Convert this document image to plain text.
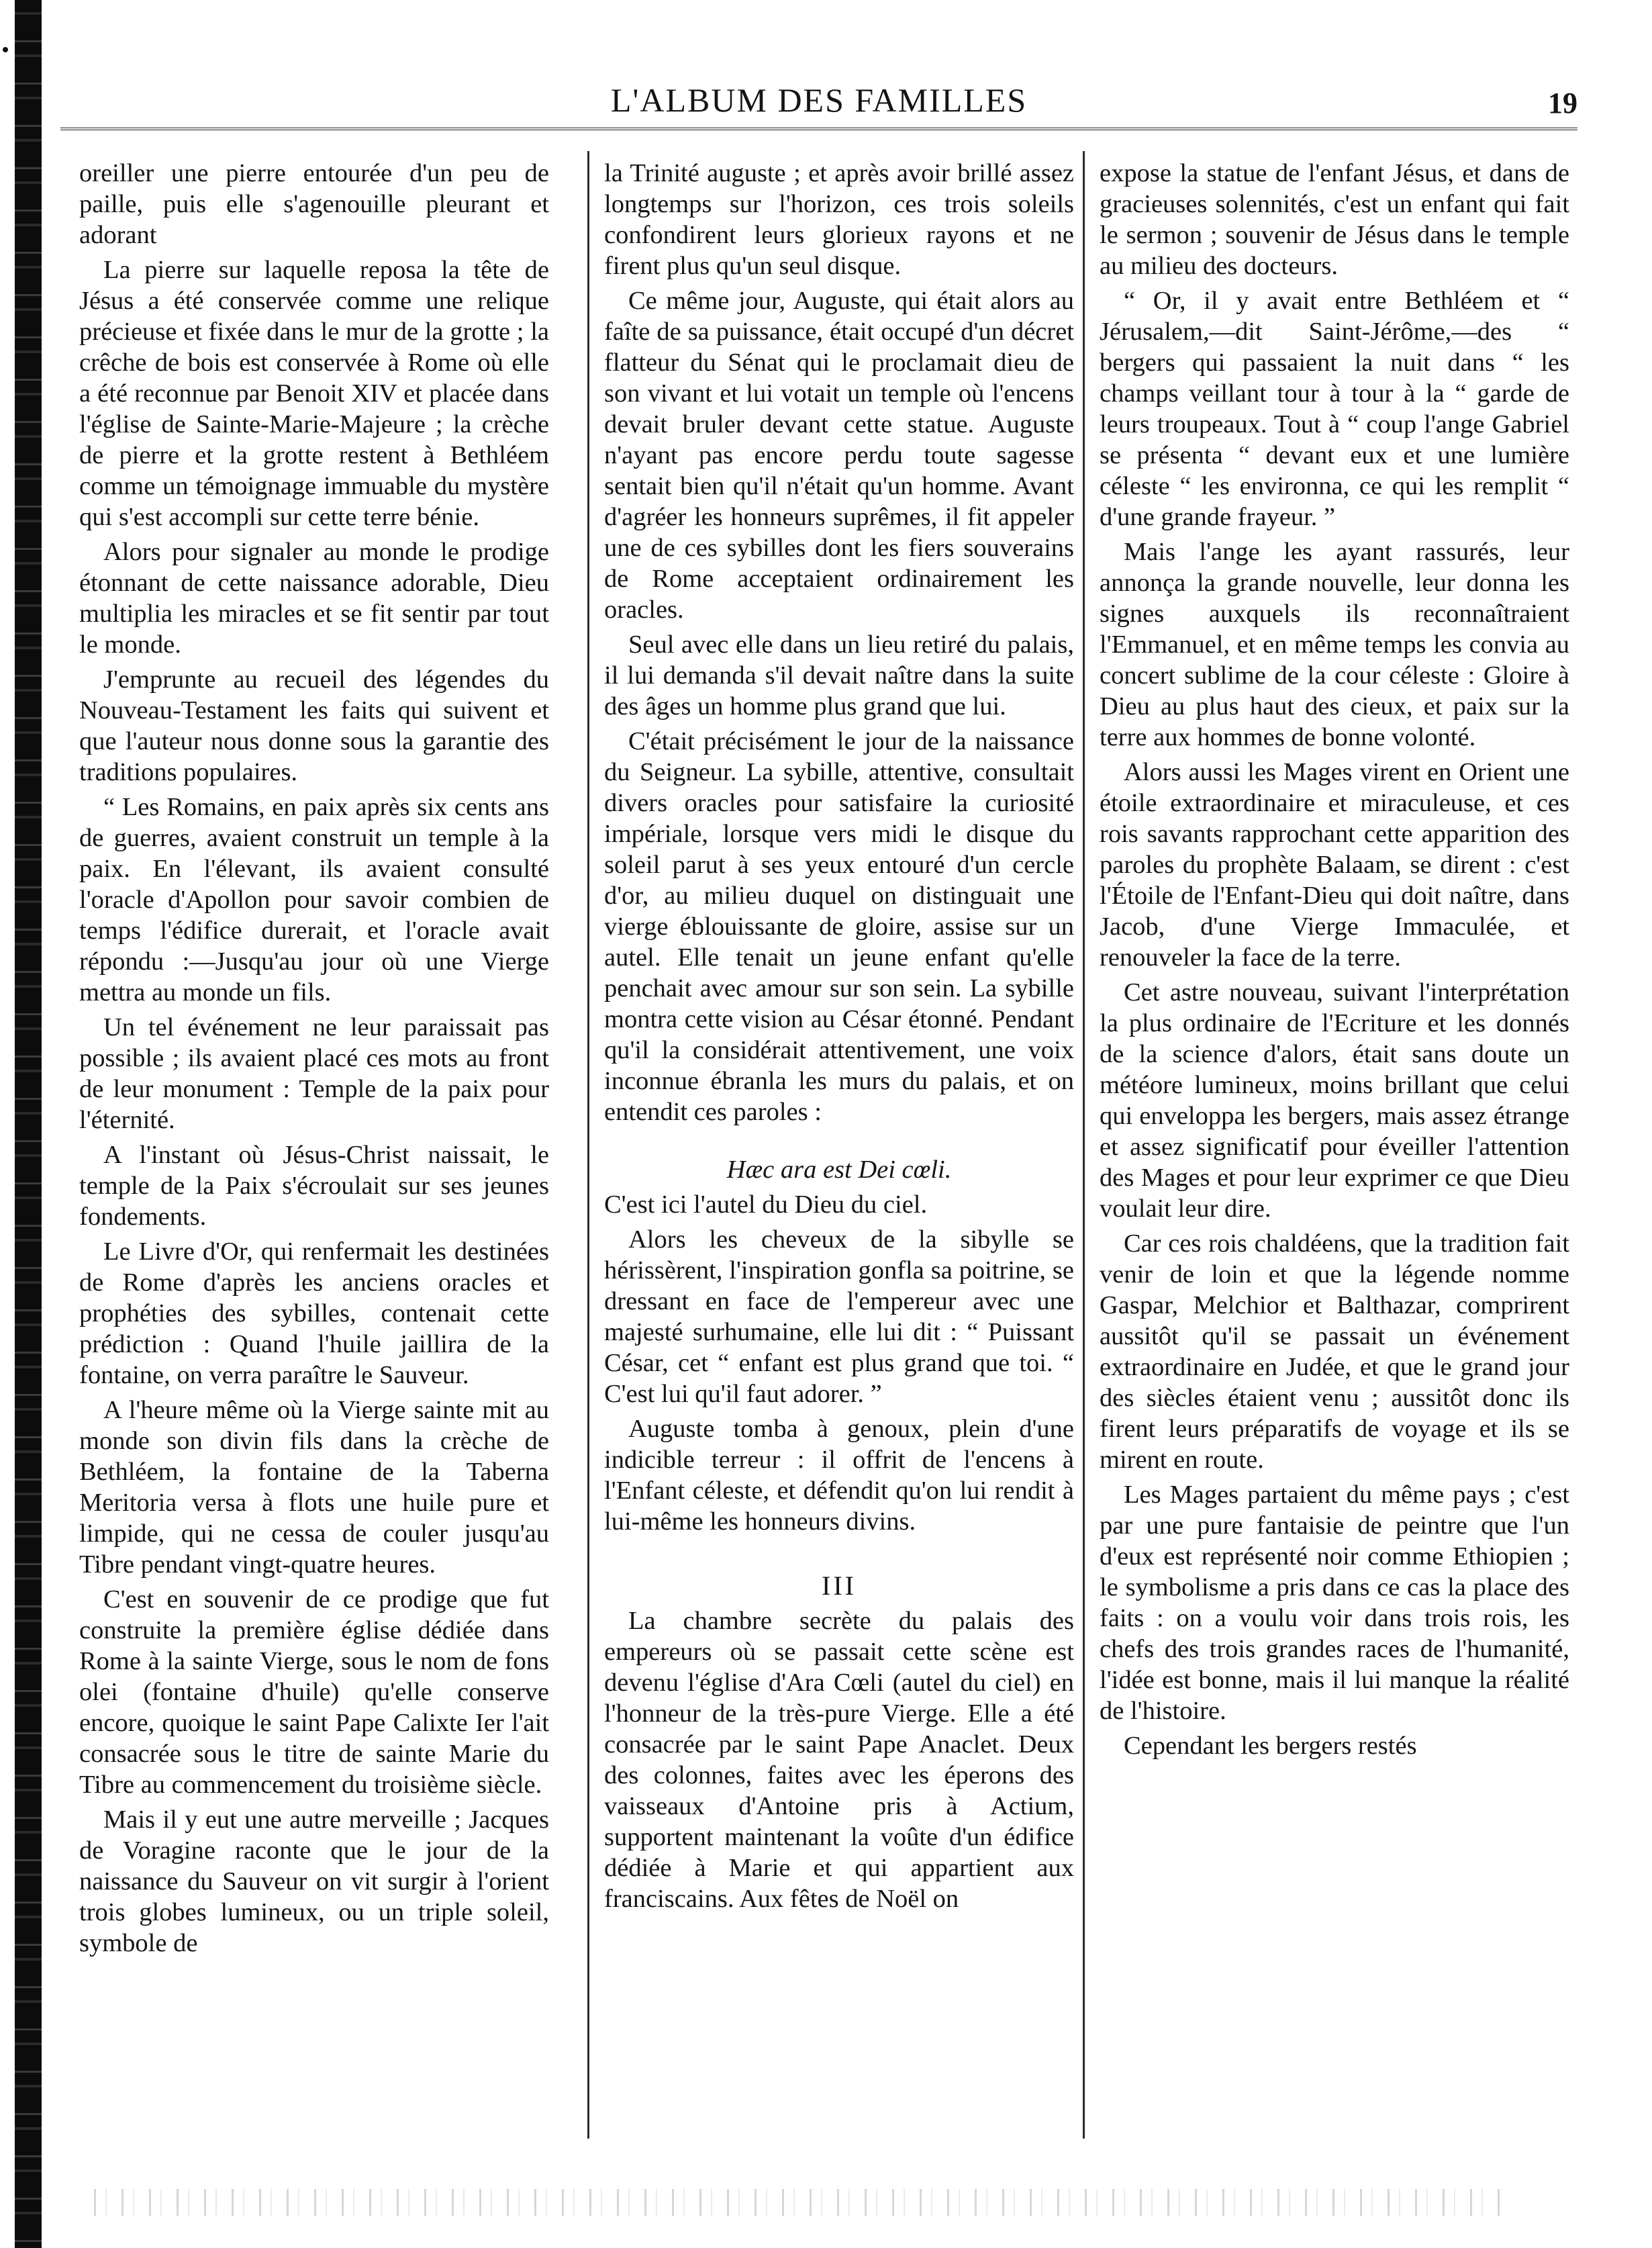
L'ALBUM DES FAMILLES	19

oreiller une pierre entourée d'un peu de paille, puis elle s'agenouille pleurant et adorant

La pierre sur laquelle reposa la tête de Jésus a été conservée comme une relique précieuse et fixée dans le mur de la grotte ; la crêche de bois est conservée à Rome où elle a été reconnue par Benoit XIV et placée dans l'église de Sainte-Marie-Majeure ; la crèche de pierre et la grotte restent à Bethléem comme un témoignage immuable du mystère qui s'est accompli sur cette terre bénie.

Alors pour signaler au monde le prodige étonnant de cette naissance adorable, Dieu multiplia les miracles et se fit sentir par tout le monde.

J'emprunte au recueil des légendes du Nouveau-Testament les faits qui suivent et que l'auteur nous donne sous la garantie des traditions populaires.

“ Les Romains, en paix après six cents ans de guerres, avaient construit un temple à la paix. En l'élevant, ils avaient consulté l'oracle d'Apollon pour savoir combien de temps l'édifice durerait, et l'oracle avait répondu :—Jusqu'au jour où une Vierge mettra au monde un fils.

Un tel événement ne leur paraissait pas possible ; ils avaient placé ces mots au front de leur monument : Temple de la paix pour l'éternité.

A l'instant où Jésus-Christ naissait, le temple de la Paix s'écroulait sur ses jeunes fondements.

Le Livre d'Or, qui renfermait les destinées de Rome d'après les anciens oracles et prophéties des sybilles, contenait cette prédiction : Quand l'huile jaillira de la fontaine, on verra paraître le Sauveur.

A l'heure même où la Vierge sainte mit au monde son divin fils dans la crèche de Bethléem, la fontaine de la Taberna Meritoria versa à flots une huile pure et limpide, qui ne cessa de couler jusqu'au Tibre pendant vingt-quatre heures.

C'est en souvenir de ce prodige que fut construite la première église dédiée dans Rome à la sainte Vierge, sous le nom de fons olei (fontaine d'huile) qu'elle conserve encore, quoique le saint Pape Calixte Ier l'ait consacrée sous le titre de sainte Marie du Tibre au commencement du troisième siècle.

Mais il y eut une autre merveille ; Jacques de Voragine raconte que le jour de la naissance du Sauveur on vit surgir à l'orient trois globes lumineux, ou un triple soleil, symbole de

la Trinité auguste ; et après avoir brillé assez longtemps sur l'horizon, ces trois soleils confondirent leurs glorieux rayons et ne firent plus qu'un seul disque.

Ce même jour, Auguste, qui était alors au faîte de sa puissance, était occupé d'un décret flatteur du Sénat qui le proclamait dieu de son vivant et lui votait un temple où l'encens devait bruler devant cette statue. Auguste n'ayant pas encore perdu toute sagesse sentait bien qu'il n'était qu'un homme. Avant d'agréer les honneurs suprêmes, il fit appeler une de ces sybilles dont les fiers souverains de Rome acceptaient ordinairement les oracles.

Seul avec elle dans un lieu retiré du palais, il lui demanda s'il devait naître dans la suite des âges un homme plus grand que lui.

C'était précisément le jour de la naissance du Seigneur. La sybille, attentive, consultait divers oracles pour satisfaire la curiosité impériale, lorsque vers midi le disque du soleil parut à ses yeux entouré d'un cercle d'or, au milieu duquel on distinguait une vierge éblouissante de gloire, assise sur un autel. Elle tenait un jeune enfant qu'elle penchait avec amour sur son sein. La sybille montra cette vision au César étonné. Pendant qu'il la considérait attentivement, une voix inconnue ébranla les murs du palais, et on entendit ces paroles :

Hæc ara est Dei cœli.

C'est ici l'autel du Dieu du ciel.

Alors les cheveux de la sibylle se hérissèrent, l'inspiration gonfla sa poitrine, se dressant en face de l'empereur avec une majesté surhumaine, elle lui dit : “ Puissant César, cet “ enfant est plus grand que toi. “ C'est lui qu'il faut adorer. ”

Auguste tomba à genoux, plein d'une indicible terreur : il offrit de l'encens à l'Enfant céleste, et défendit qu'on lui rendit à lui-même les honneurs divins.

III

La chambre secrète du palais des empereurs où se passait cette scène est devenu l'église d'Ara Cœli (autel du ciel) en l'honneur de la très-pure Vierge. Elle a été consacrée par le saint Pape Anaclet. Deux des colonnes, faites avec les éperons des vaisseaux d'Antoine pris à Actium, supportent maintenant la voûte d'un édifice dédiée à Marie et qui appartient aux franciscains. Aux fêtes de Noël on

expose la statue de l'enfant Jésus, et dans de gracieuses solennités, c'est un enfant qui fait le sermon ; souvenir de Jésus dans le temple au milieu des docteurs.

“ Or, il y avait entre Bethléem et “ Jérusalem,—dit Saint-Jérôme,—des “ bergers qui passaient la nuit dans “ les champs veillant tour à tour à la “ garde de leurs troupeaux. Tout à “ coup l'ange Gabriel se présenta “ devant eux et une lumière céleste “ les environna, ce qui les remplit “ d'une grande frayeur. ”

Mais l'ange les ayant rassurés, leur annonça la grande nouvelle, leur donna les signes auxquels ils reconnaîtraient l'Emmanuel, et en même temps les convia au concert sublime de la cour céleste : Gloire à Dieu au plus haut des cieux, et paix sur la terre aux hommes de bonne volonté.

Alors aussi les Mages virent en Orient une étoile extraordinaire et miraculeuse, et ces rois savants rapprochant cette apparition des paroles du prophète Balaam, se dirent : c'est l'Étoile de l'Enfant-Dieu qui doit naître, dans Jacob, d'une Vierge Immaculée, et renouveler la face de la terre.

Cet astre nouveau, suivant l'interprétation la plus ordinaire de l'Ecriture et les donnés de la science d'alors, était sans doute un météore lumineux, moins brillant que celui qui enveloppa les bergers, mais assez étrange et assez significatif pour éveiller l'attention des Mages et pour leur exprimer ce que Dieu voulait leur dire.

Car ces rois chaldéens, que la tradition fait venir de loin et que la légende nomme Gaspar, Melchior et Balthazar, comprirent aussitôt qu'il se passait un événement extraordinaire en Judée, et que le grand jour des siècles étaient venu ; aussitôt donc ils firent leurs préparatifs de voyage et ils se mirent en route.

Les Mages partaient du même pays ; c'est par une pure fantaisie de peintre que l'un d'eux est représenté noir comme Ethiopien ; le symbolisme a pris dans ce cas la place des faits : on a voulu voir dans trois rois, les chefs des trois grandes races de l'humanité, l'idée est bonne, mais il lui manque la réalité de l'histoire.

Cependant les bergers restés
